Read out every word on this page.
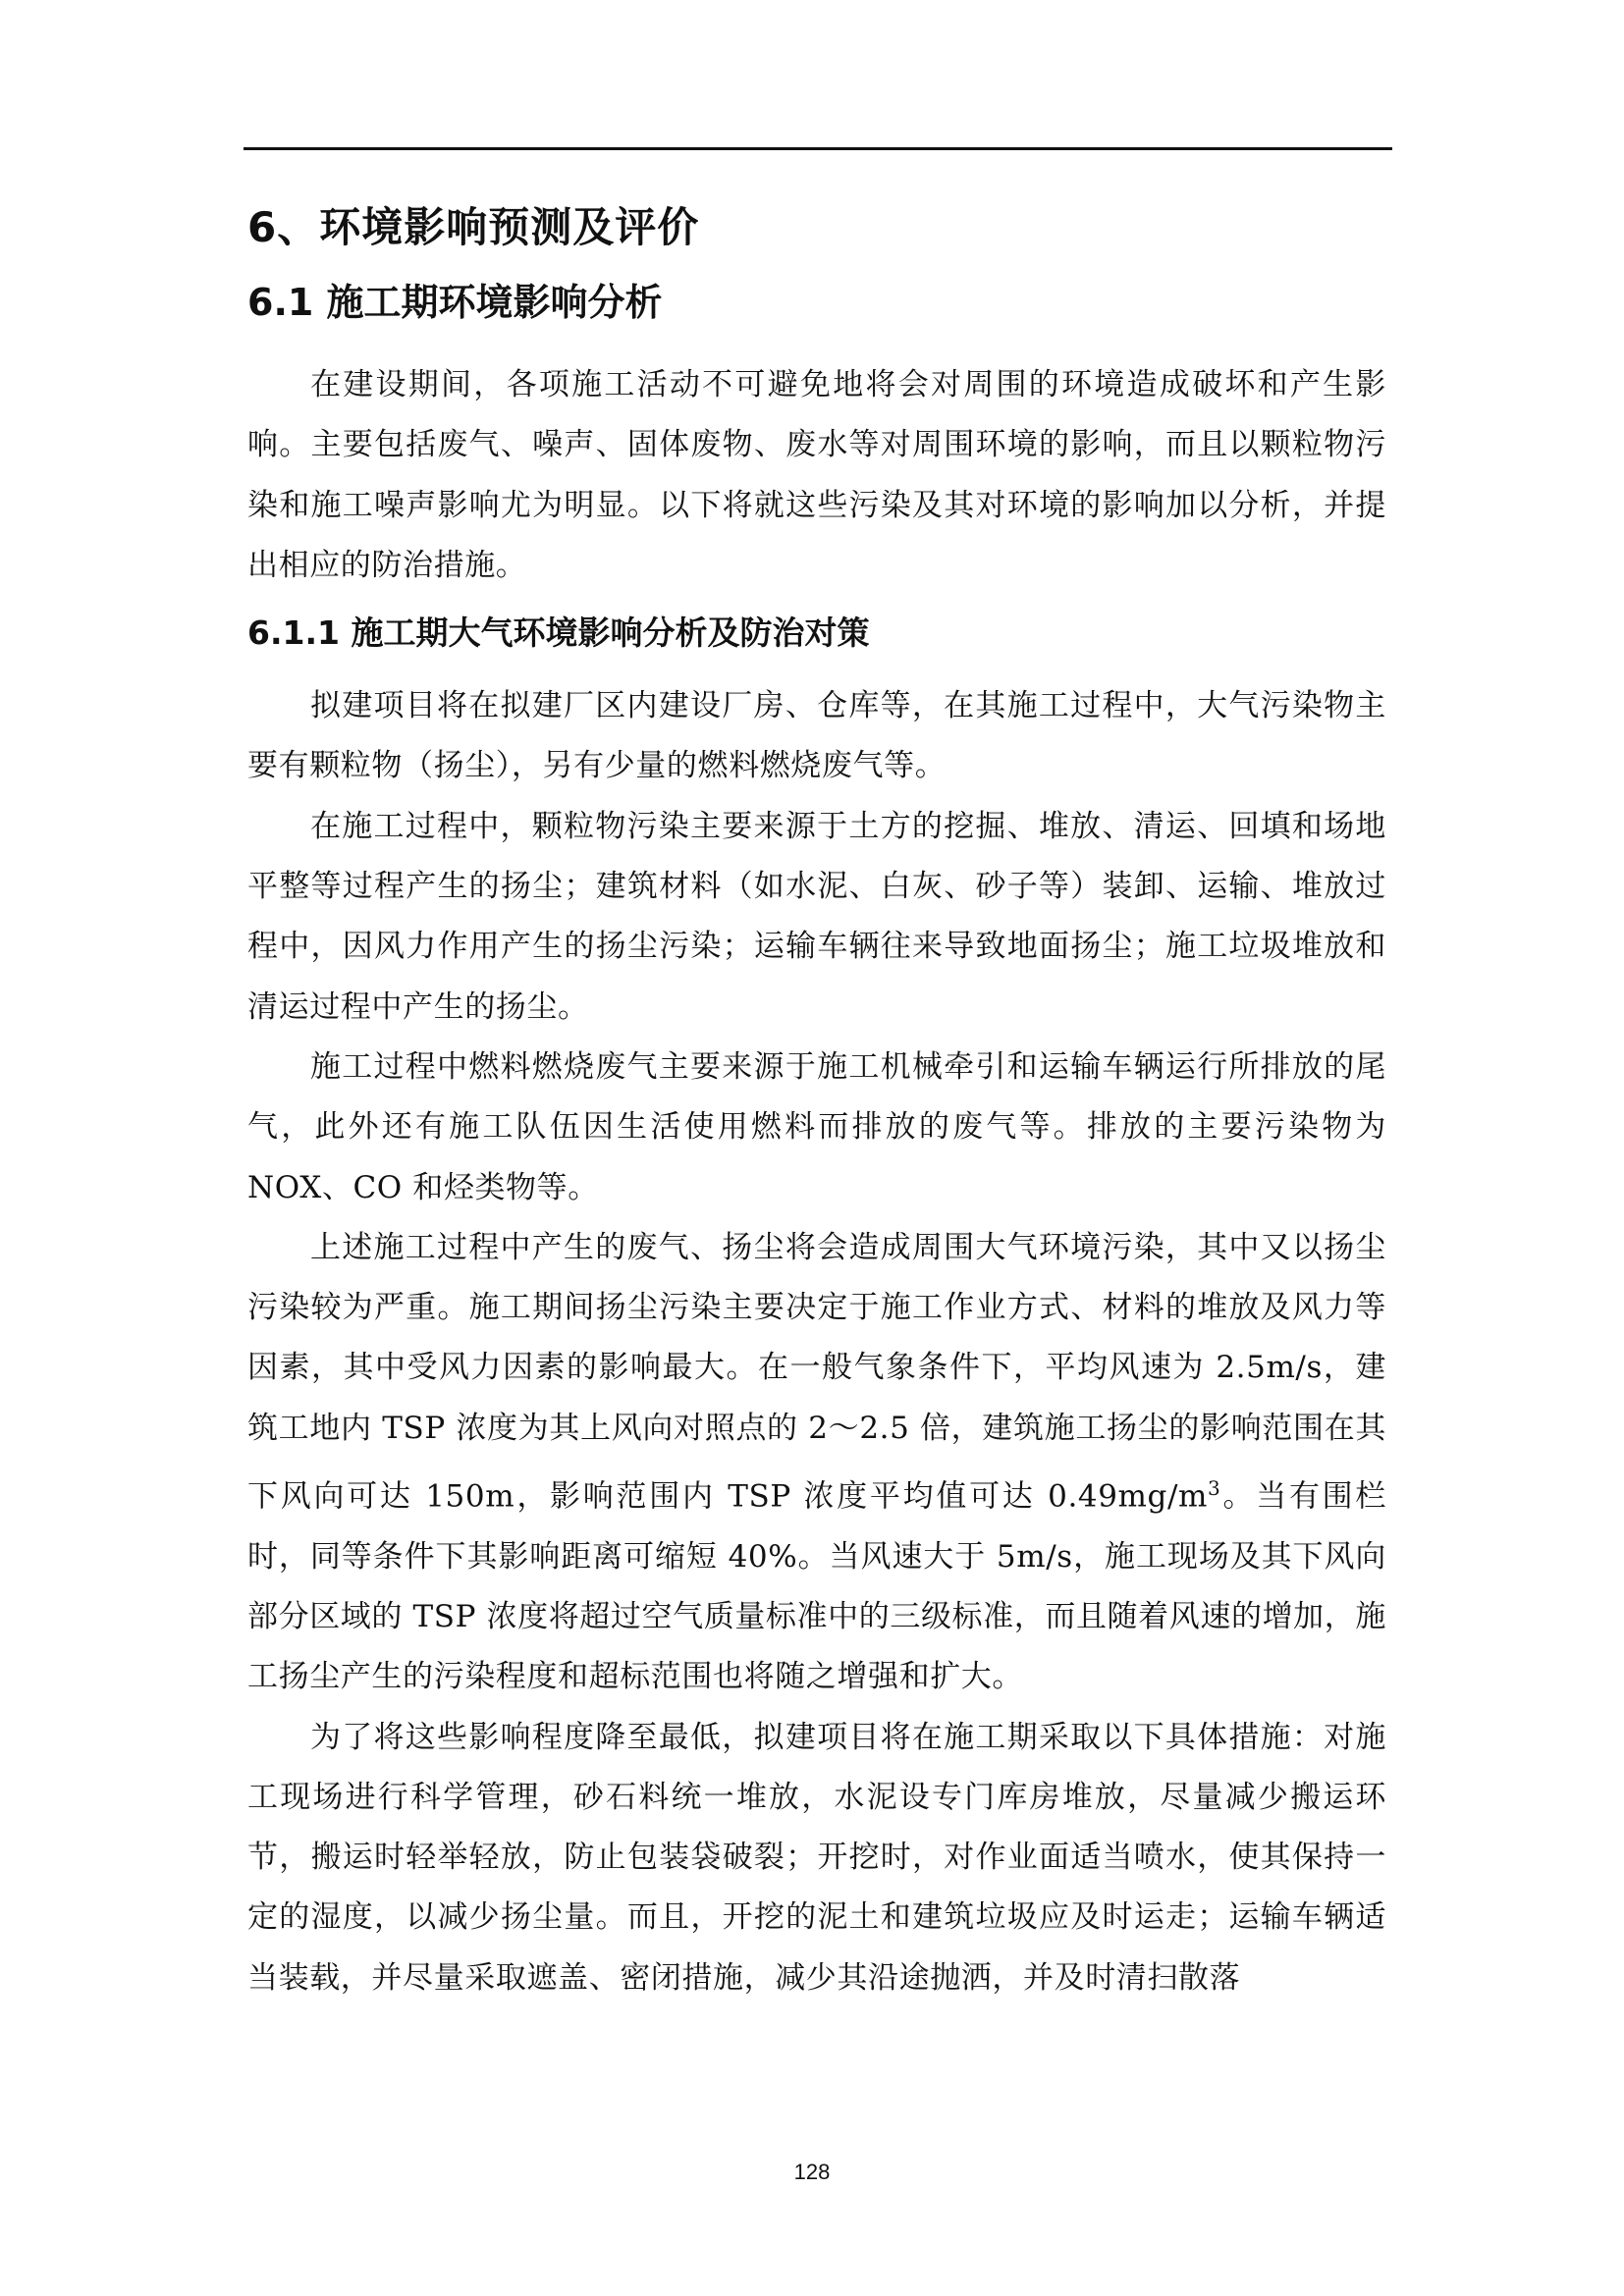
6、环境影响预测及评价
6.1 施工期环境影响分析

在建设期间，各项施工活动不可避免地将会对周围的环境造成破坏和产生影响。主要包括废气、噪声、固体废物、废水等对周围环境的影响，而且以颗粒物污染和施工噪声影响尤为明显。以下将就这些污染及其对环境的影响加以分析，并提出相应的防治措施。

6.1.1 施工期大气环境影响分析及防治对策

拟建项目将在拟建厂区内建设厂房、仓库等，在其施工过程中，大气污染物主要有颗粒物（扬尘），另有少量的燃料燃烧废气等。

在施工过程中，颗粒物污染主要来源于土方的挖掘、堆放、清运、回填和场地平整等过程产生的扬尘；建筑材料（如水泥、白灰、砂子等）装卸、运输、堆放过程中，因风力作用产生的扬尘污染；运输车辆往来导致地面扬尘；施工垃圾堆放和清运过程中产生的扬尘。

施工过程中燃料燃烧废气主要来源于施工机械牵引和运输车辆运行所排放的尾气，此外还有施工队伍因生活使用燃料而排放的废气等。排放的主要污染物为 NOX、CO 和烃类物等。

上述施工过程中产生的废气、扬尘将会造成周围大气环境污染，其中又以扬尘污染较为严重。施工期间扬尘污染主要决定于施工作业方式、材料的堆放及风力等因素，其中受风力因素的影响最大。在一般气象条件下，平均风速为 2.5m/s，建筑工地内 TSP 浓度为其上风向对照点的 2～2.5 倍，建筑施工扬尘的影响范围在其下风向可达 150m，影响范围内 TSP 浓度平均值可达 $0.49mg/m^3$。当有围栏时，同等条件下其影响距离可缩短 40%。当风速大于 5m/s，施工现场及其下风向部分区域的 TSP 浓度将超过空气质量标准中的三级标准，而且随着风速的增加，施工扬尘产生的污染程度和超标范围也将随之增强和扩大。

为了将这些影响程度降至最低，拟建项目将在施工期采取以下具体措施：对施工现场进行科学管理，砂石料统一堆放，水泥设专门库房堆放，尽量减少搬运环节，搬运时轻举轻放，防止包装袋破裂；开挖时，对作业面适当喷水，使其保持一定的湿度，以减少扬尘量。而且，开挖的泥土和建筑垃圾应及时运走；运输车辆适当装载，并尽量采取遮盖、密闭措施，减少其沿途抛洒，并及时清扫散落

128
